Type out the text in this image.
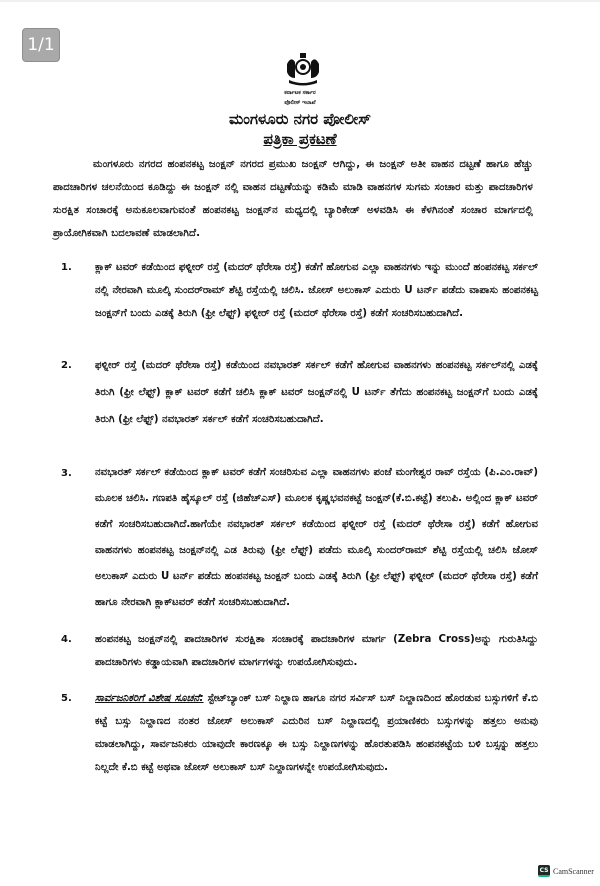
1/1
ಕರ್ನಾಟಕ ಸರ್ಕಾರ
ಪೊಲೀಸ್ ಇಲಾಖೆ
ಮಂಗಳೂರು ನಗರ ಪೋಲೀಸ್
ಪತ್ರಿಕಾ ಪ್ರಕಟಣೆ
ಮಂಗಳೂರು ನಗರದ ಹಂಪನಕಟ್ಟ ಜಂಕ್ಷನ್ ನಗರದ ಪ್ರಮುಖ ಜಂಕ್ಷನ್ ಆಗಿದ್ದು, ಈ ಜಂಕ್ಷನ್ ಅತೀ ವಾಹನ ದಟ್ಟಣೆ ಹಾಗೂ ಹೆಚ್ಚು ಪಾದಚಾರಿಗಳ ಚಲನೆಯಿಂದ ಕೂಡಿದ್ದು ಈ ಜಂಕ್ಷನ್ ನಲ್ಲಿ ವಾಹನ ದಟ್ಟಣೆಯನ್ನು ಕಡಿಮೆ ಮಾಡಿ ವಾಹನಗಳ ಸುಗಮ ಸಂಚಾರ ಮತ್ತು ಪಾದಚಾರಿಗಳ ಸುರಕ್ಷಿತ ಸಂಚಾರಕ್ಕೆ ಅನುಕೂಲವಾಗುವಂತೆ ಹಂಪನಕಟ್ಟ ಜಂಕ್ಷನ್‌ನ ಮಧ್ಯದಲ್ಲಿ ಬ್ಯಾರಿಕೇಡ್ ಅಳವಡಿಸಿ ಈ ಕೆಳಗಿನಂತೆ ಸಂಚಾರ ಮಾರ್ಗದಲ್ಲಿ ಪ್ರಾಯೋಗಿಕವಾಗಿ ಬದಲಾವಣೆ ಮಾಡಲಾಗಿದೆ.
1. ಕ್ಲಾಕ್ ಟವರ್ ಕಡೆಯಿಂದ ಫಳ್ನೀರ್ ರಸ್ತೆ (ಮದರ್ ಥೆರೇಸಾ ರಸ್ತೆ) ಕಡೆಗೆ ಹೋಗುವ ಎಲ್ಲಾ ವಾಹನಗಳು ಇನ್ನು ಮುಂದೆ ಹಂಪನಕಟ್ಟ ಸರ್ಕಲ್ ನಲ್ಲಿ ನೇರವಾಗಿ ಮೂಲ್ಕಿ ಸುಂದರ್‌ರಾಮ್ ಶೆಟ್ಟಿ ರಸ್ತೆಯಲ್ಲಿ ಚಲಿಸಿ. ಜೋಸ್ ಅಲುಕಾಸ್ ಎದುರು U ಟರ್ನ್ ಪಡೆದು ವಾಪಾಸು ಹಂಪನಕಟ್ಟ ಜಂಕ್ಷನ್‌ಗೆ ಬಂದು ಎಡಕ್ಕೆ ತಿರುಗಿ (ಫ್ರೀ ಲೆಫ್ಟ್) ಫಳ್ನೀರ್ ರಸ್ತೆ (ಮದರ್ ಥೆರೇಸಾ ರಸ್ತೆ) ಕಡೆಗೆ ಸಂಚರಿಸಬಹುದಾಗಿದೆ.
2. ಫಳ್ನೀರ್ ರಸ್ತೆ (ಮದರ್ ಥೆರೇಸಾ ರಸ್ತೆ) ಕಡೆಯಿಂದ ನವಭಾರತ್ ಸರ್ಕಲ್ ಕಡೆಗೆ ಹೋಗುವ ವಾಹನಗಳು ಹಂಪನಕಟ್ಟ ಸರ್ಕಲ್‌ನಲ್ಲಿ ಎಡಕ್ಕೆ ತಿರುಗಿ (ಫ್ರೀ ಲೆಫ್ಟ್) ಕ್ಲಾಕ್ ಟವರ್ ಕಡೆಗೆ ಚಲಿಸಿ ಕ್ಲಾಕ್ ಟವರ್ ಜಂಕ್ಷನ್‌ನಲ್ಲಿ U ಟರ್ನ್ ತೆಗೆದು ಹಂಪನಕಟ್ಟ ಜಂಕ್ಷನ್‌ಗೆ ಬಂದು ಎಡಕ್ಕೆ ತಿರುಗಿ (ಫ್ರೀ ಲೆಫ್ಟ್) ನವಭಾರತ್ ಸರ್ಕಲ್ ಕಡೆಗೆ ಸಂಚರಿಸಬಹುದಾಗಿದೆ.
3. ನವಭಾರತ್ ಸರ್ಕಲ್ ಕಡೆಯಿಂದ ಕ್ಲಾಕ್ ಟವರ್ ಕಡೆಗೆ ಸಂಚರಿಸುವ ಎಲ್ಲಾ ವಾಹನಗಳು ಪಂಜೆ ಮಂಗೇಶ್ವರ ರಾವ್ ರಸ್ತೆಯ (ಪಿ.ಎಂ.ರಾವ್) ಮೂಲಕ ಚಲಿಸಿ. ಗಣಪತಿ ಹೈಸ್ಕೂಲ್ ರಸ್ತೆ (ಜಿಹೆಚ್‌ಎಸ್) ಮೂಲಕ ಕೃಷ್ಣಭವನಕಟ್ಟೆ ಜಂಕ್ಷನ್(ಕೆ.ಬಿ.ಕಟ್ಟೆ) ತಲುಪಿ. ಅಲ್ಲಿಂದ ಕ್ಲಾಕ್ ಟವರ್ ಕಡೆಗೆ ಸಂಚರಿಸಬಹುದಾಗಿದೆ.ಹಾಗೆಯೇ ನವಭಾರತ್ ಸರ್ಕಲ್ ಕಡೆಯಿಂದ ಫಳ್ನೀರ್ ರಸ್ತೆ (ಮದರ್ ಥೆರೇಸಾ ರಸ್ತೆ) ಕಡೆಗೆ ಹೋಗುವ ವಾಹನಗಳು ಹಂಪನಕಟ್ಟ ಜಂಕ್ಷನ್‌ನಲ್ಲಿ ಎಡ ತಿರುವು (ಫ್ರೀ ಲೆಫ್ಟ್) ಪಡೆದು ಮೂಲ್ಕಿ ಸುಂದರ್‌ರಾಮ್ ಶೆಟ್ಟಿ ರಸ್ತೆಯಲ್ಲಿ ಚಲಿಸಿ ಜೋಸ್ ಅಲುಕಾಸ್ ಎದುರು U ಟರ್ನ್ ಪಡೆದು ಹಂಪನಕಟ್ಟ ಜಂಕ್ಷನ್ ಬಂದು ಎಡಕ್ಕೆ ತಿರುಗಿ (ಫ್ರೀ ಲೆಫ್ಟ್) ಫಳ್ನೀರ್ (ಮದರ್ ಥೆರೇಸಾ ರಸ್ತೆ) ಕಡೆಗೆ ಹಾಗೂ ನೇರವಾಗಿ ಕ್ಲಾಕ್‌ಟವರ್ ಕಡೆಗೆ ಸಂಚರಿಸಬಹುದಾಗಿದೆ.
4. ಹಂಪನಕಟ್ಟ ಜಂಕ್ಷನ್‌ನಲ್ಲಿ ಪಾದಚಾರಿಗಳ ಸುರಕ್ಷಿತಾ ಸಂಚಾರಕ್ಕೆ ಪಾದಚಾರಿಗಳ ಮಾರ್ಗ (Zebra Cross)ಅನ್ನು ಗುರುತಿಸಿದ್ದು ಪಾದಚಾರಿಗಳು ಕಡ್ಡಾಯವಾಗಿ ಪಾದಚಾರಿಗಳ ಮಾರ್ಗಗಳನ್ನು ಉಪಯೋಗಿಸುವುದು.
5. ಸಾರ್ವಜನಿಕರಿಗೆ ವಿಶೇಷ ಸೂಚನೆ: ಸ್ಟೇಟ್‌ಬ್ಯಾಂಕ್ ಬಸ್ ನಿಲ್ದಾಣ ಹಾಗೂ ನಗರ ಸರ್ವಿಸ್ ಬಸ್ ನಿಲ್ದಾಣದಿಂದ ಹೊರಡುವ ಬಸ್ಸುಗಳಿಗೆ ಕೆ.ಬಿ ಕಟ್ಟೆ ಬಸ್ಸು ನಿಲ್ದಾಣದ ನಂತರ ಜೋಸ್ ಅಲುಕಾಸ್ ಎದುರಿನ ಬಸ್ ನಿಲ್ದಾಣದಲ್ಲಿ ಪ್ರಯಾಣಿಕರು ಬಸ್ಸುಗಳನ್ನು ಹತ್ತಲು ಅನುವು ಮಾಡಲಾಗಿದ್ದು, ಸಾರ್ವಜನಿಕರು ಯಾವುದೇ ಕಾರಣಕ್ಕೂ ಈ ಬಸ್ಸು ನಿಲ್ದಾಣಗಳನ್ನು ಹೊರತುಪಡಿಸಿ ಹಂಪನಕಟ್ಟೆಯ ಬಳಿ ಬಸ್ಸನ್ನು ಹತ್ತಲು ನಿಲ್ಲದೇ ಕೆ.ಬಿ ಕಟ್ಟೆ ಅಥವಾ ಜೋಸ್ ಅಲುಕಾಸ್ ಬಸ್ ನಿಲ್ದಾಣಗಳನ್ನೇ ಉಪಯೋಗಿಸುವುದು.
CS CamScanner
